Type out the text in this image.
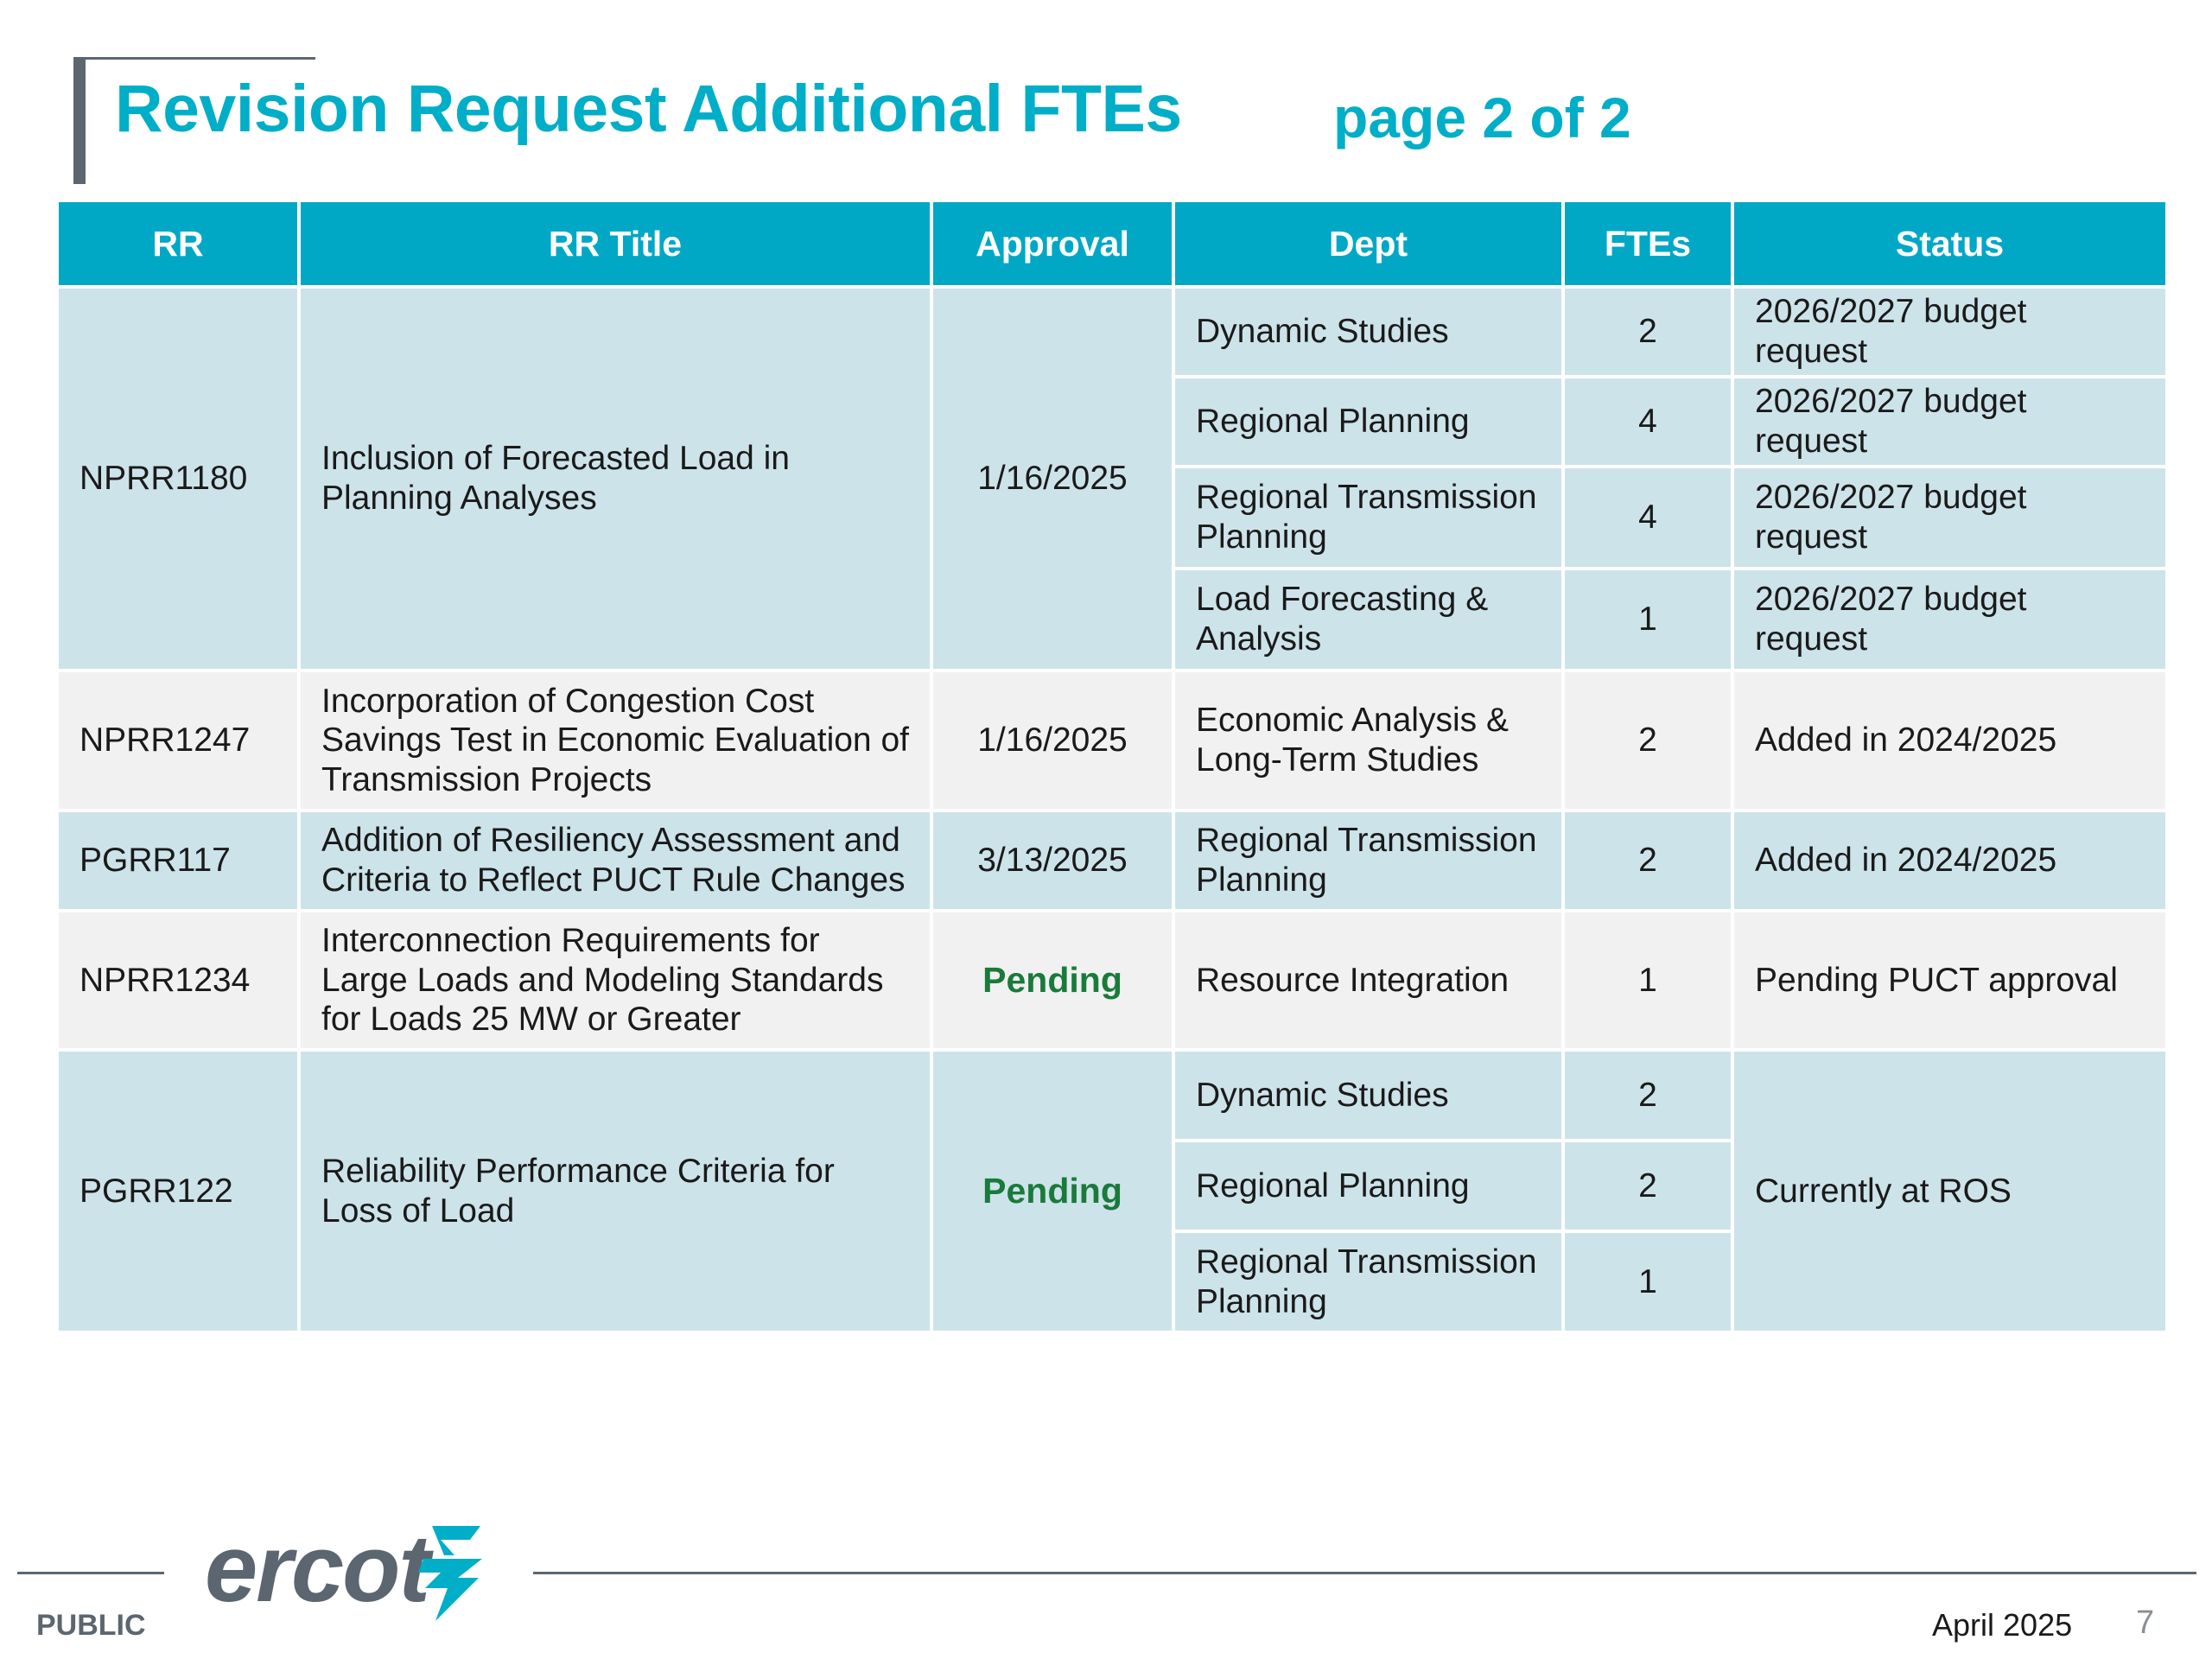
Revision Request Additional FTEs	page 2 of 2
RR	RR Title	Approval	Dept	FTEs	Status
NPRR1180	Inclusion of Forecasted Load in Planning Analyses	1/16/2025	Dynamic Studies	2	2026/2027 budget request
			Regional Planning	4	2026/2027 budget request
			Regional Transmission Planning	4	2026/2027 budget request
			Load Forecasting & Analysis	1	2026/2027 budget request
NPRR1247	Incorporation of Congestion Cost Savings Test in Economic Evaluation of Transmission Projects	1/16/2025	Economic Analysis & Long-Term Studies	2	Added in 2024/2025
PGRR117	Addition of Resiliency Assessment and Criteria to Reflect PUCT Rule Changes	3/13/2025	Regional Transmission Planning	2	Added in 2024/2025
NPRR1234	Interconnection Requirements for Large Loads and Modeling Standards for Loads 25 MW or Greater	Pending	Resource Integration	1	Pending PUCT approval
PGRR122	Reliability Performance Criteria for Loss of Load	Pending	Dynamic Studies	2	Currently at ROS
			Regional Planning	2	
			Regional Transmission Planning	1	
PUBLIC
ercot
April 2025 7
